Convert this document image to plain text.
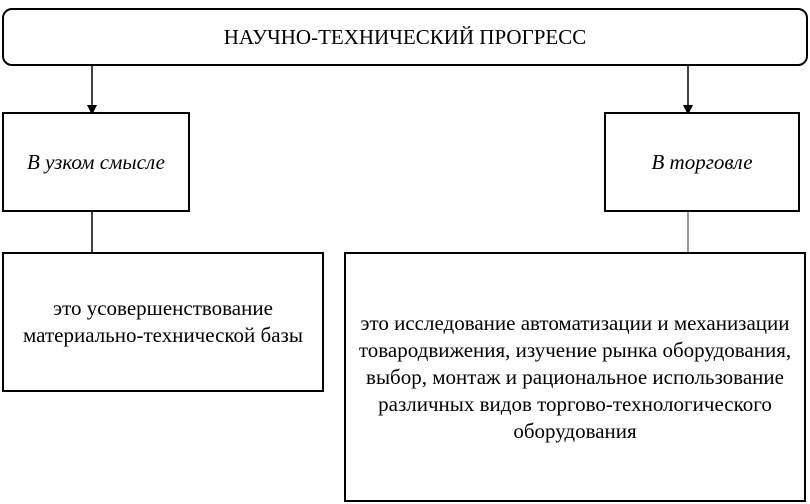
НАУЧНО-ТЕХНИЧЕСКИЙ ПРОГРЕСС
В узком смысле	В торговле
это усовершенствование материально-технической базы
это исследование автоматизации и механизации товародвижения, изучение рынка оборудования, выбор, монтаж и рациональное использование различных видов торгово-технологического оборудования
